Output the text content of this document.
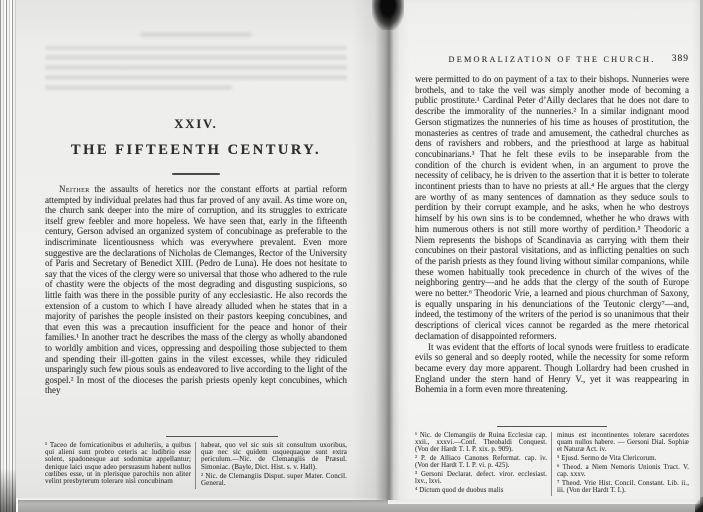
XXIV.
THE FIFTEENTH CENTURY.

Neither the assaults of heretics nor the constant efforts at partial reform attempted by individual prelates had thus far proved of any avail. As time wore on, the church sank deeper into the mire of corruption, and its struggles to extricate itself grew feebler and more hopeless. We have seen that, early in the fifteenth century, Gerson advised an organized system of concubinage as preferable to the indiscriminate licentiousness which was everywhere prevalent. Even more suggestive are the declarations of Nicholas de Clemanges, Rector of the University of Paris and Secretary of Benedict XIII. (Pedro de Luna). He does not hesitate to say that the vices of the clergy were so universal that those who adhered to the rule of chastity were the objects of the most degrading and disgusting suspicions, so little faith was there in the possible purity of any ecclesiastic. He also records the extension of a custom to which I have already alluded when he states that in a majority of parishes the people insisted on their pastors keeping concubines, and that even this was a precaution insufficient for the peace and honor of their families.¹ In another tract he describes the mass of the clergy as wholly abandoned to worldly ambition and vices, oppressing and despoiling those subjected to them and spending their ill-gotten gains in the vilest excesses, while they ridiculed unsparingly such few pious souls as endeavored to live according to the light of the gospel.² In most of the dioceses the parish priests openly kept concubines, which they

¹ Taceo de fornicationibus et adulteriis, a quibus qui alieni sunt probro ceteris ac ludibrio esse solent, spadonesque aut sodomitæ appellantur; denique laici usque adeo persuasum habent nullos cœlibes esse, ut in plerisque parochiis non aliter velint presbyterum tolerare nisi concubinam

habeat, quo vel sic suis sit consultum uxoribus, quæ nec sic quidem usquequaque sunt extra periculum.—Nic. de Clemangiis de Præsul. Simoniac. (Bayle, Dict. Hist. s. v. Hall).

² Nic. de Clemangiis Disput. super Mater. Concil. General.

DEMORALIZATION OF THE CHURCH. 389

were permitted to do on payment of a tax to their bishops. Nunneries were brothels, and to take the veil was simply another mode of becoming a public prostitute.¹ Cardinal Peter d’Ailly declares that he does not dare to describe the immorality of the nunneries.² In a similar indignant mood Gerson stigmatizes the nunneries of his time as houses of prostitution, the monasteries as centres of trade and amusement, the cathedral churches as dens of ravishers and robbers, and the priesthood at large as habitual concubinarians.³ That he felt these evils to be inseparable from the condition of the church is evident when, in an argument to prove the necessity of celibacy, he is driven to the assertion that it is better to tolerate incontinent priests than to have no priests at all.⁴ He argues that the clergy are worthy of as many sentences of damnation as they seduce souls to perdition by their corrupt example, and he asks, when he who destroys himself by his own sins is to be condemned, whether he who draws with him numerous others is not still more worthy of perdition.⁵ Theodoric a Niem represents the bishops of Scandinavia as carrying with them their concubines on their pastoral visitations, and as inflicting penalties on such of the parish priests as they found living without similar companions, while these women habitually took precedence in church of the wives of the neighboring gentry—and he adds that the clergy of the south of Europe were no better.⁶ Theodoric Vrie, a learned and pious churchman of Saxony, is equally unsparing in his denunciations of the Teutonic clergy⁷—and, indeed, the testimony of the writers of the period is so unanimous that their descriptions of clerical vices cannot be regarded as the mere rhetorical declamation of disappointed reformers.

It was evident that the efforts of local synods were fruitless to eradicate evils so general and so deeply rooted, while the necessity for some reform became every day more apparent. Though Lollardry had been crushed in England under the stern hand of Henry V., yet it was reappearing in Bohemia in a form even more threatening.

¹ Nic. de Clemangiis de Ruina Ecclesiæ cap. xxii., xxxvi.—Conf. Theobaldi Conquest. (Von der Hardt T. I. P. xix. p. 909).

² P. de Alliaco Canones Reformat. cap. iv. (Von der Hardt T. I. P. vi. p. 425).

³ Gersoni Declarat. defect. viror. ecclesiast. lxv., lxvi.

⁴ Dictum quod de duobus malis

minus est incontinentes tolerare sacerdotes quam nullos habere. — Gersoni Dial. Sophiæ et Naturæ Act. iv.

⁵ Ejusd. Sermo de Vita Clericorum.

⁶ Theod. a Niem Nemoris Unionis Tract. V. cap. xxxv.

⁷ Theod. Vrie Hist. Concil. Constant. Lib. ii., iii. (Von der Hardt T. I.).
